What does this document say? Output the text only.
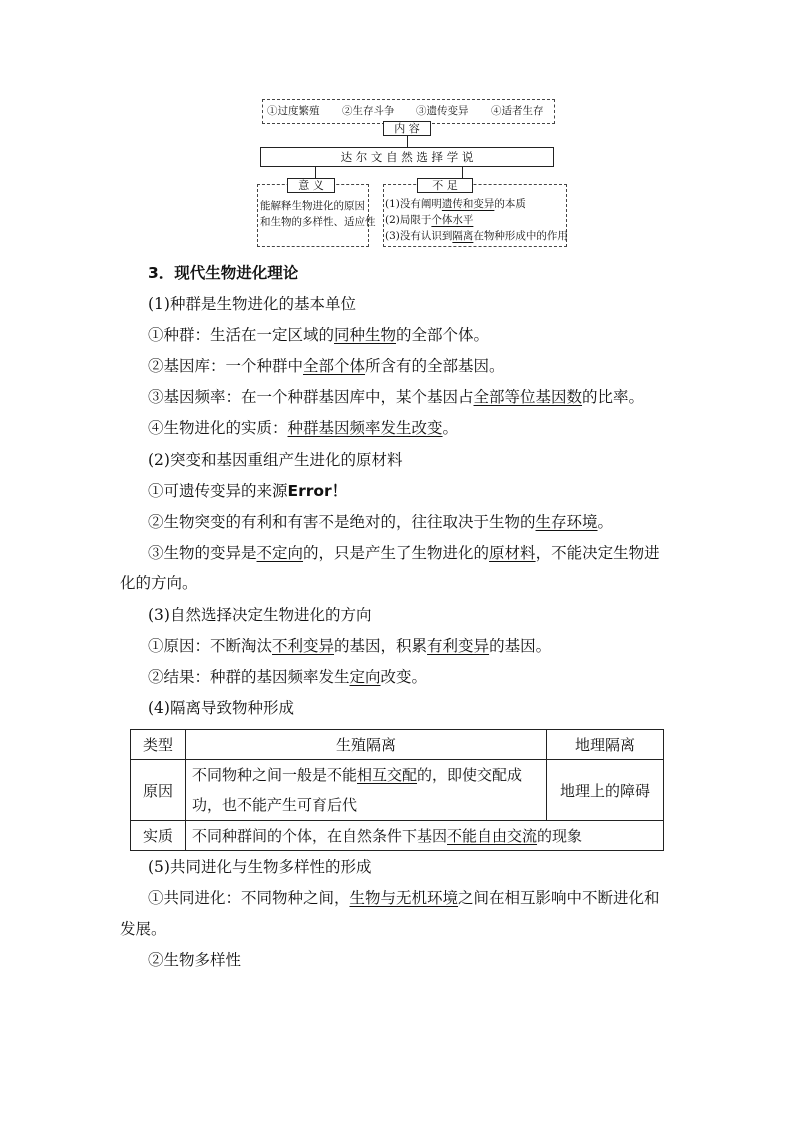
①过度繁殖 ②生存斗争 ③遗传变异 ④适者生存
内 容
达 尔 文 自 然 选 择 学 说
意 义
能解释生物进化的原因
和生物的多样性、适应性
不 足
(1)没有阐明遗传和变异的本质
(2)局限于个体水平
(3)没有认识到隔离在物种形成中的作用
3．现代生物进化理论
(1)种群是生物进化的基本单位
①种群：生活在一定区域的同种生物的全部个体。
②基因库：一个种群中全部个体所含有的全部基因。
③基因频率：在一个种群基因库中，某个基因占全部等位基因数的比率。
④生物进化的实质：种群基因频率发生改变。
(2)突变和基因重组产生进化的原材料
①可遗传变异的来源Error！
②生物突变的有利和有害不是绝对的，往往取决于生物的生存环境。
③生物的变异是不定向的，只是产生了生物进化的原材料，不能决定生物进
化的方向。
(3)自然选择决定生物进化的方向
①原因：不断淘汰不利变异的基因，积累有利变异的基因。
②结果：种群的基因频率发生定向改变。
(4)隔离导致物种形成
类型	生殖隔离	地理隔离
原因	不同物种之间一般是不能相互交配的，即使交配成
功，也不能产生可育后代	地理上的障碍
实质	不同种群间的个体，在自然条件下基因不能自由交流的现象	
(5)共同进化与生物多样性的形成
①共同进化：不同物种之间，生物与无机环境之间在相互影响中不断进化和
发展。
②生物多样性
